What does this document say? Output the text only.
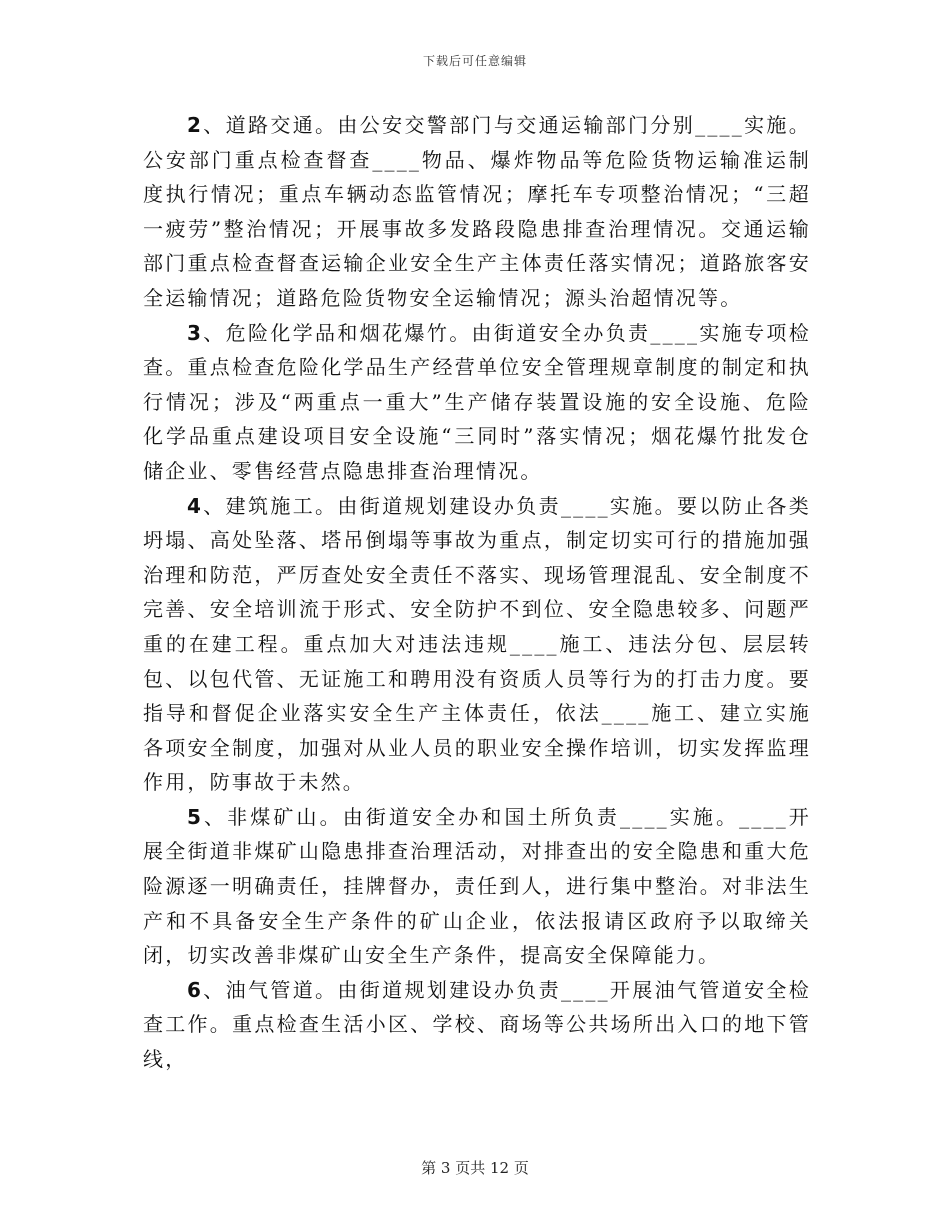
下载后可任意编辑

2、道路交通。由公安交警部门与交通运输部门分别____实施。公安部门重点检查督查____物品、爆炸物品等危险货物运输准运制度执行情况；重点车辆动态监管情况；摩托车专项整治情况；“三超一疲劳”整治情况；开展事故多发路段隐患排查治理情况。交通运输部门重点检查督查运输企业安全生产主体责任落实情况；道路旅客安全运输情况；道路危险货物安全运输情况；源头治超情况等。

3、危险化学品和烟花爆竹。由街道安全办负责____实施专项检查。重点检查危险化学品生产经营单位安全管理规章制度的制定和执行情况；涉及“两重点一重大”生产储存装置设施的安全设施、危险化学品重点建设项目安全设施“三同时”落实情况；烟花爆竹批发仓储企业、零售经营点隐患排查治理情况。

4、建筑施工。由街道规划建设办负责____实施。要以防止各类坍塌、高处坠落、塔吊倒塌等事故为重点，制定切实可行的措施加强治理和防范，严厉查处安全责任不落实、现场管理混乱、安全制度不完善、安全培训流于形式、安全防护不到位、安全隐患较多、问题严重的在建工程。重点加大对违法违规____施工、违法分包、层层转包、以包代管、无证施工和聘用没有资质人员等行为的打击力度。要指导和督促企业落实安全生产主体责任，依法____施工、建立实施各项安全制度，加强对从业人员的职业安全操作培训，切实发挥监理作用，防事故于未然。

5、非煤矿山。由街道安全办和国土所负责____实施。____开展全街道非煤矿山隐患排查治理活动，对排查出的安全隐患和重大危险源逐一明确责任，挂牌督办，责任到人，进行集中整治。对非法生产和不具备安全生产条件的矿山企业，依法报请区政府予以取缔关闭，切实改善非煤矿山安全生产条件，提高安全保障能力。

6、油气管道。由街道规划建设办负责____开展油气管道安全检查工作。重点检查生活小区、学校、商场等公共场所出入口的地下管线，

第 3 页共 12 页
